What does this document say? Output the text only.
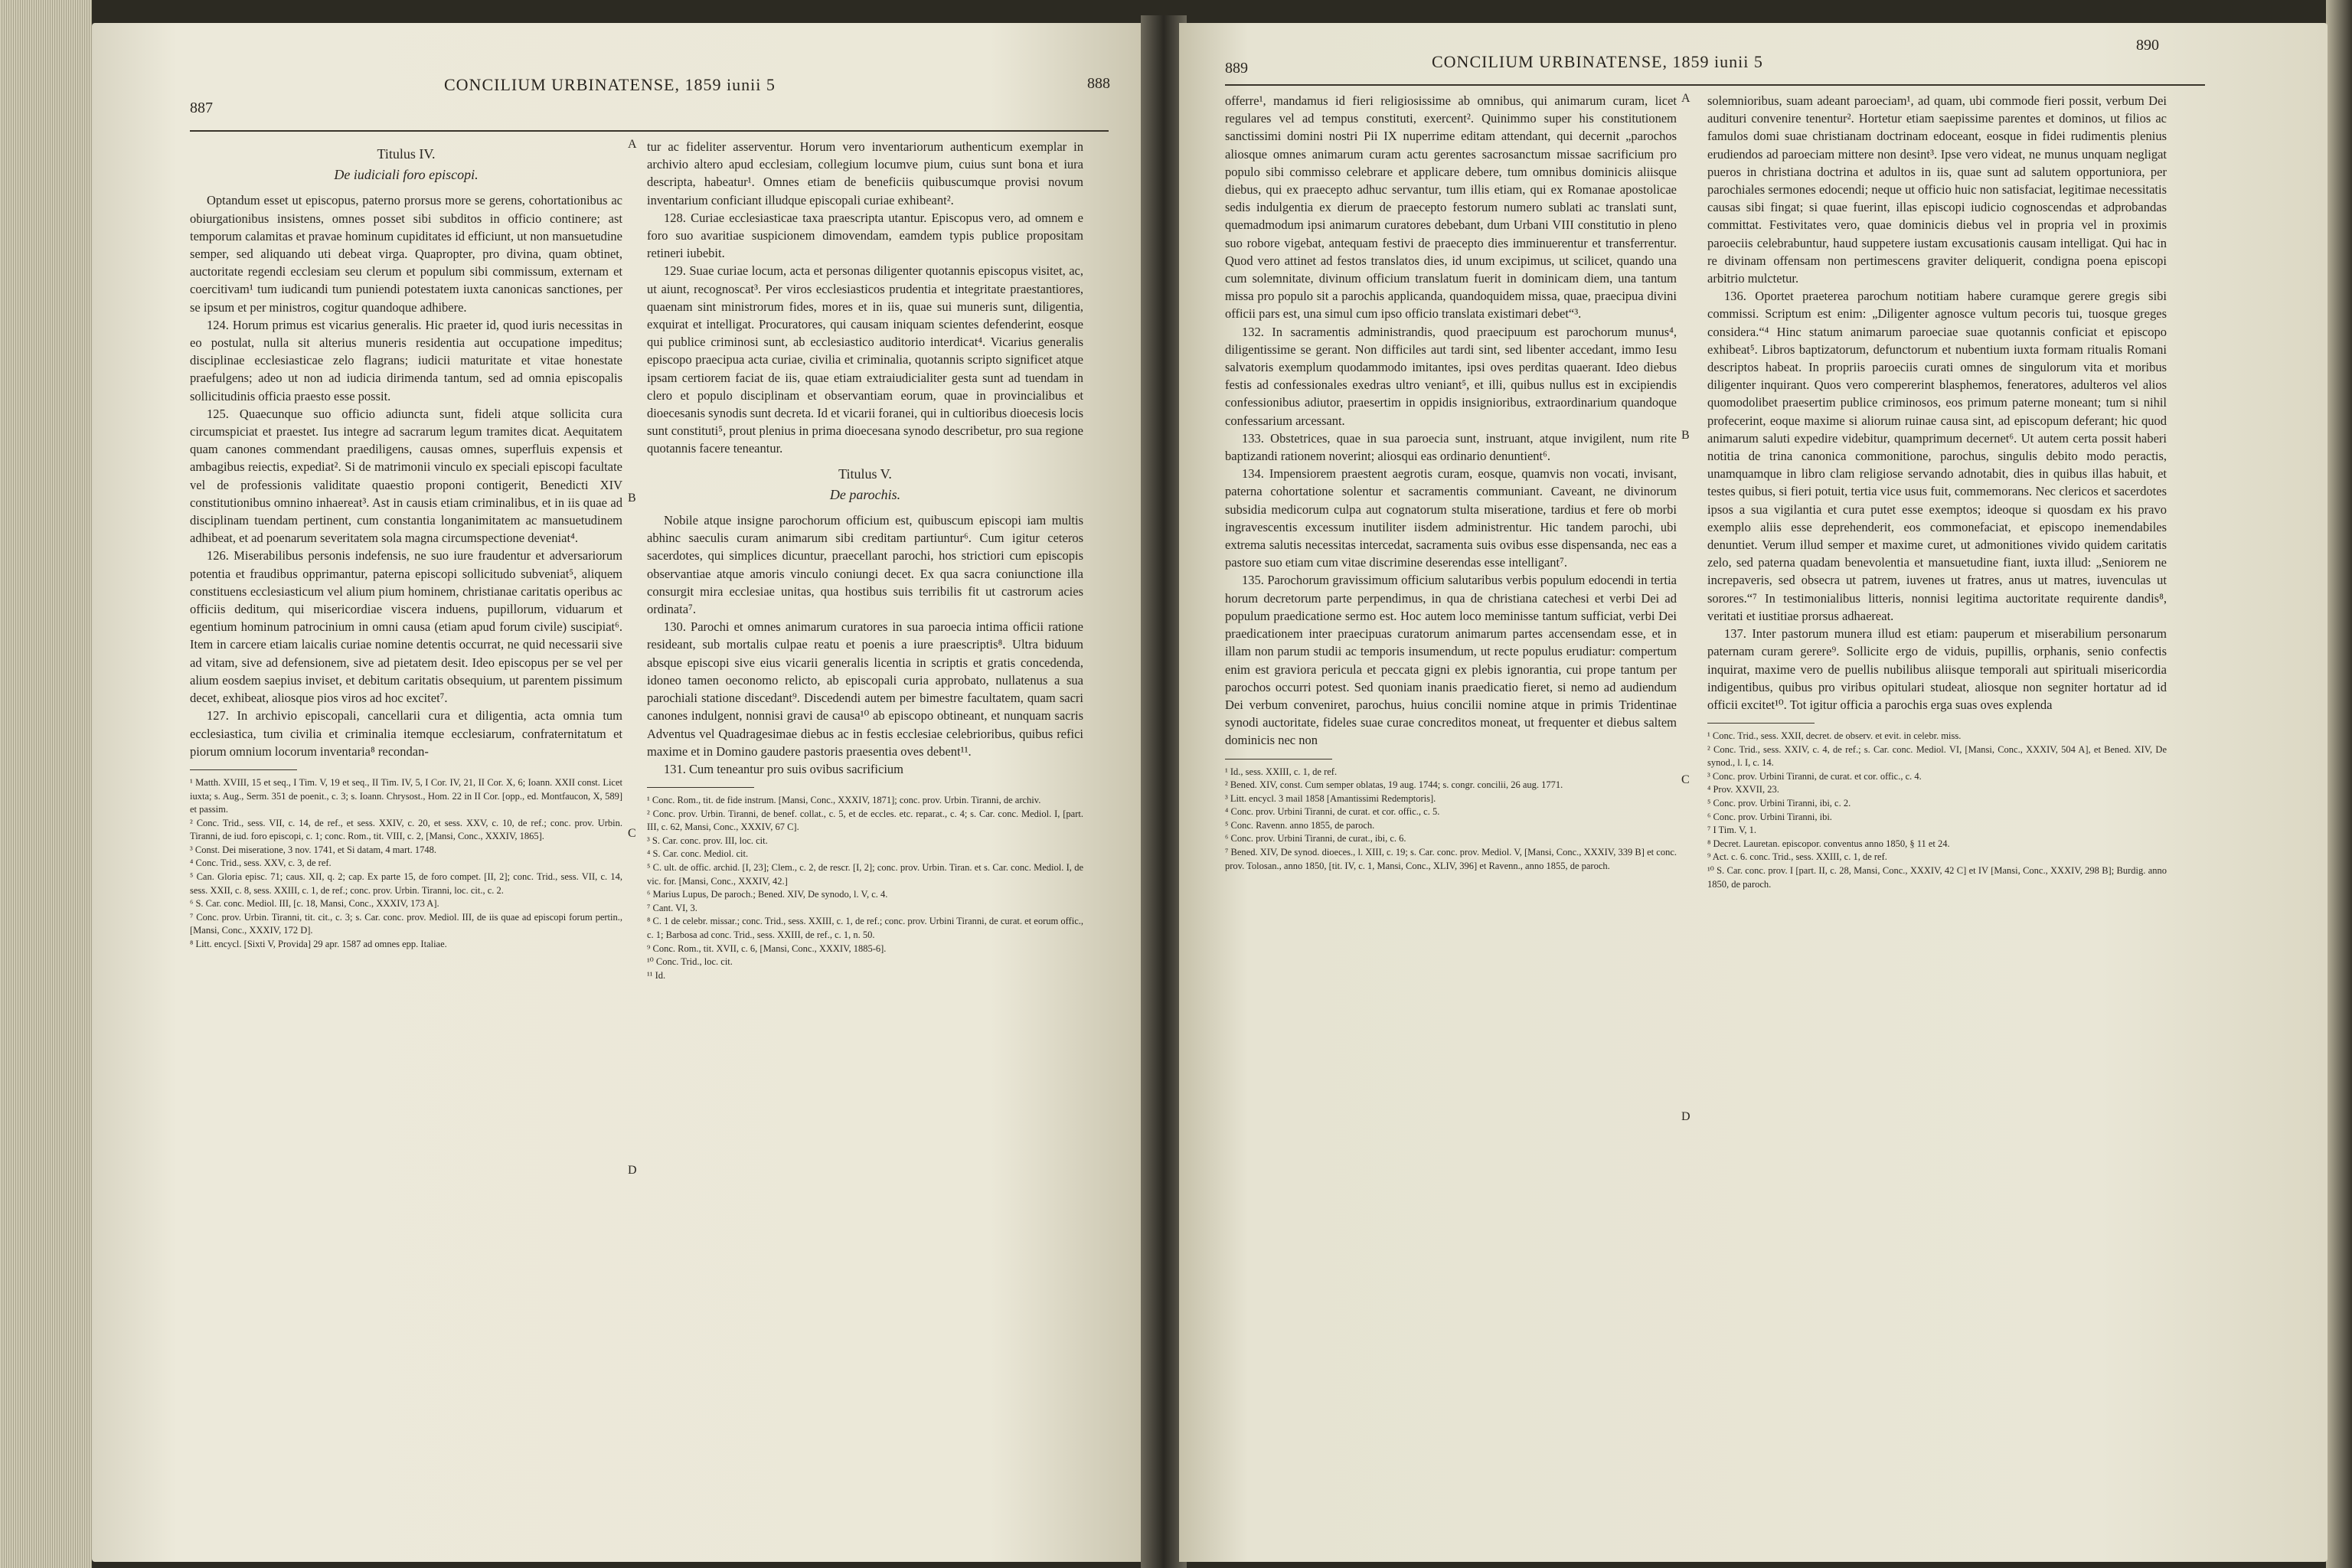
CONCILIUM URBINATENSE, 1859 iunii 5
887
888

Titulus IV.

De iudiciali foro episcopi.

Optandum esset ut episcopus, paterno prorsus more se gerens, cohortationibus ac obiurgationibus insistens, omnes posset sibi subditos in officio continere; ast temporum calamitas et pravae hominum cupiditates id efficiunt, ut non mansuetudine semper, sed aliquando uti debeat virga. Quapropter, pro divina, quam obtinet, auctoritate regendi ecclesiam seu clerum et populum sibi commissum, externam et coercitivam¹ tum iudicandi tum puniendi potestatem iuxta canonicas sanctiones, per se ipsum et per ministros, cogitur quandoque adhibere.

124. Horum primus est vicarius generalis. Hic praeter id, quod iuris necessitas in eo postulat, nulla sit alterius muneris residentia aut occupatione impeditus; disciplinae ecclesiasticae zelo flagrans; iudicii maturitate et vitae honestate praefulgens; adeo ut non ad iudicia dirimenda tantum, sed ad omnia episcopalis sollicitudinis officia praesto esse possit.

125. Quaecunque suo officio adiuncta sunt, fideli atque sollicita cura circumspiciat et praestet. Ius integre ad sacrarum legum tramites dicat. Aequitatem quam canones commendant praediligens, causas omnes, superfluis expensis et ambagibus reiectis, expediat². Si de matrimonii vinculo ex speciali episcopi facultate vel de professionis validitate quaestio proponi contigerit, Benedicti XIV constitutionibus omnino inhaereat³. Ast in causis etiam criminalibus, et in iis quae ad disciplinam tuendam pertinent, cum constantia longanimitatem ac mansuetudinem adhibeat, et ad poenarum severitatem sola magna circumspectione deveniat⁴.

126. Miserabilibus personis indefensis, ne suo iure fraudentur et adversariorum potentia et fraudibus opprimantur, paterna episcopi sollicitudo subveniat⁵, aliquem constituens ecclesiasticum vel alium pium hominem, christianae caritatis operibus ac officiis deditum, qui misericordiae viscera induens, pupillorum, viduarum et egentium hominum patrocinium in omni causa (etiam apud forum civile) suscipiat⁶. Item in carcere etiam laicalis curiae nomine detentis occurrat, ne quid necessarii sive ad vitam, sive ad defensionem, sive ad pietatem desit. Ideo episcopus per se vel per alium eosdem saepius inviset, et debitum caritatis obsequium, ut parentem pissimum decet, exhibeat, aliosque pios viros ad hoc excitet⁷.

127. In archivio episcopali, cancellarii cura et diligentia, acta omnia tum ecclesiastica, tum civilia et criminalia itemque ecclesiarum, confraternitatum et piorum omnium locorum inventaria⁸ recondan-

¹ Matth. XVIII, 15 et seq., I Tim. V, 19 et seq., II Tim. IV, 5, I Cor. IV, 21, II Cor. X, 6; Ioann. XXII const. Licet iuxta; s. Aug., Serm. 351 de poenit., c. 3; s. Ioann. Chrysost., Hom. 22 in II Cor. [opp., ed. Montfaucon, X, 589] et passim.

² Conc. Trid., sess. VII, c. 14, de ref., et sess. XXIV, c. 20, et sess. XXV, c. 10, de ref.; conc. prov. Urbin. Tiranni, de iud. foro episcopi, c. 1; conc. Rom., tit. VIII, c. 2, [Mansi, Conc., XXXIV, 1865].

³ Const. Dei miseratione, 3 nov. 1741, et Si datam, 4 mart. 1748.

⁴ Conc. Trid., sess. XXV, c. 3, de ref.

⁵ Can. Gloria episc. 71; caus. XII, q. 2; cap. Ex parte 15, de foro compet. [II, 2]; conc. Trid., sess. VII, c. 14, sess. XXII, c. 8, sess. XXIII, c. 1, de ref.; conc. prov. Urbin. Tiranni, loc. cit., c. 2.

⁶ S. Car. conc. Mediol. III, [c. 18, Mansi, Conc., XXXIV, 173 A].

⁷ Conc. prov. Urbin. Tiranni, tit. cit., c. 3; s. Car. conc. prov. Mediol. III, de iis quae ad episcopi forum pertin., [Mansi, Conc., XXXIV, 172 D].

⁸ Litt. encycl. [Sixti V, Provida] 29 apr. 1587 ad omnes epp. Italiae.

A
B
C
D

tur ac fideliter asserventur. Horum vero inventariorum authenticum exemplar in archivio altero apud ecclesiam, collegium locumve pium, cuius sunt bona et iura descripta, habeatur¹. Omnes etiam de beneficiis quibuscumque provisi novum inventarium conficiant illudque episcopali curiae exhibeant².

128. Curiae ecclesiasticae taxa praescripta utantur. Episcopus vero, ad omnem e foro suo avaritiae suspicionem dimovendam, eamdem typis publice propositam retineri iubebit.

129. Suae curiae locum, acta et personas diligenter quotannis episcopus visitet, ac, ut aiunt, recognoscat³. Per viros ecclesiasticos prudentia et integritate praestantiores, quaenam sint ministrorum fides, mores et in iis, quae sui muneris sunt, diligentia, exquirat et intelligat. Procuratores, qui causam iniquam scientes defenderint, eosque qui publice criminosi sunt, ab ecclesiastico auditorio interdicat⁴. Vicarius generalis episcopo praecipua acta curiae, civilia et criminalia, quotannis scripto significet atque ipsam certiorem faciat de iis, quae etiam extraiudicialiter gesta sunt ad tuendam in clero et populo disciplinam et observantiam eorum, quae in provincialibus et dioecesanis synodis sunt decreta. Id et vicarii foranei, qui in cultioribus dioecesis locis sunt constituti⁵, prout plenius in prima dioecesana synodo describetur, pro sua regione quotannis facere teneantur.

Titulus V.

De parochis.

Nobile atque insigne parochorum officium est, quibuscum episcopi iam multis abhinc saeculis curam animarum sibi creditam partiuntur⁶. Cum igitur ceteros sacerdotes, qui simplices dicuntur, praecellant parochi, hos strictiori cum episcopis observantiae atque amoris vinculo coniungi decet. Ex qua sacra coniunctione illa consurgit mira ecclesiae unitas, qua hostibus suis terribilis fit ut castrorum acies ordinata⁷.

130. Parochi et omnes animarum curatores in sua paroecia intima officii ratione resideant, sub mortalis culpae reatu et poenis a iure praescriptis⁸. Ultra biduum absque episcopi sive eius vicarii generalis licentia in scriptis et gratis concedenda, idoneo tamen oeconomo relicto, ab episcopali curia approbato, nullatenus a sua parochiali statione discedant⁹. Discedendi autem per bimestre facultatem, quam sacri canones indulgent, nonnisi gravi de causa¹⁰ ab episcopo obtineant, et nunquam sacris Adventus vel Quadragesimae diebus ac in festis ecclesiae celebrioribus, quibus refici maxime et in Domino gaudere pastoris praesentia oves debent¹¹.

131. Cum teneantur pro suis ovibus sacrificium

¹ Conc. Rom., tit. de fide instrum. [Mansi, Conc., XXXIV, 1871]; conc. prov. Urbin. Tiranni, de archiv.

² Conc. prov. Urbin. Tiranni, de benef. collat., c. 5, et de eccles. etc. reparat., c. 4; s. Car. conc. Mediol. I, [part. III, c. 62, Mansi, Conc., XXXIV, 67 C].

³ S. Car. conc. prov. III, loc. cit.

⁴ S. Car. conc. Mediol. cit.

⁵ C. ult. de offic. archid. [I, 23]; Clem., c. 2, de rescr. [I, 2]; conc. prov. Urbin. Tiran. et s. Car. conc. Mediol. I, de vic. for. [Mansi, Conc., XXXIV, 42.]

⁶ Marius Lupus, De paroch.; Bened. XIV, De synodo, l. V, c. 4.

⁷ Cant. VI, 3.

⁸ C. 1 de celebr. missar.; conc. Trid., sess. XXIII, c. 1, de ref.; conc. prov. Urbini Tiranni, de curat. et eorum offic., c. 1; Barbosa ad conc. Trid., sess. XXIII, de ref., c. 1, n. 50.

⁹ Conc. Rom., tit. XVII, c. 6, [Mansi, Conc., XXXIV, 1885-6].

¹⁰ Conc. Trid., loc. cit.

¹¹ Id.

889	CONCILIUM URBINATENSE, 1859 iunii 5
890

offerre¹, mandamus id fieri religiosissime ab omnibus, qui animarum curam, licet regulares vel ad tempus constituti, exercent². Quinimmo super his constitutionem sanctissimi domini nostri Pii IX nuperrime editam attendant, qui decernit „parochos aliosque omnes animarum curam actu gerentes sacrosanctum missae sacrificium pro populo sibi commisso celebrare et applicare debere, tum omnibus dominicis aliisque diebus, qui ex praecepto adhuc servantur, tum illis etiam, qui ex Romanae apostolicae sedis indulgentia ex dierum de praecepto festorum numero sublati ac translati sunt, quemadmodum ipsi animarum curatores debebant, dum Urbani VIII constitutio in pleno suo robore vigebat, antequam festivi de praecepto dies imminuerentur et transferrentur. Quod vero attinet ad festos translatos dies, id unum excipimus, ut scilicet, quando una cum solemnitate, divinum officium translatum fuerit in dominicam diem, una tantum missa pro populo sit a parochis applicanda, quandoquidem missa, quae, praecipua divini officii pars est, una simul cum ipso officio translata existimari debet“³.

132. In sacramentis administrandis, quod praecipuum est parochorum munus⁴, diligentissime se gerant. Non difficiles aut tardi sint, sed libenter accedant, immo Iesu salvatoris exemplum quodammodo imitantes, ipsi oves perditas quaerant. Ideo diebus festis ad confessionales exedras ultro veniant⁵, et illi, quibus nullus est in excipiendis confessionibus adiutor, praesertim in oppidis insignioribus, extraordinarium quandoque confessarium arcessant.

133. Obstetrices, quae in sua paroecia sunt, instruant, atque invigilent, num rite baptizandi rationem noverint; aliosqui eas ordinario denuntient⁶.

134. Impensiorem praestent aegrotis curam, eosque, quamvis non vocati, invisant, paterna cohortatione solentur et sacramentis communiant. Caveant, ne divinorum subsidia medicorum culpa aut cognatorum stulta miseratione, tardius et fere ob morbi ingravescentis excessum inutiliter iisdem administrentur. Hic tandem parochi, ubi extrema salutis necessitas intercedat, sacramenta suis ovibus esse dispensanda, nec eas a pastore suo etiam cum vitae discrimine deserendas esse intelligant⁷.

135. Parochorum gravissimum officium salutaribus verbis populum edocendi in tertia horum decretorum parte perpendimus, in qua de christiana catechesi et verbi Dei ad populum praedicatione sermo est. Hoc autem loco meminisse tantum sufficiat, verbi Dei praedicationem inter praecipuas curatorum animarum partes accensendam esse, et in illam non parum studii ac temporis insumendum, ut recte populus erudiatur: compertum enim est graviora pericula et peccata gigni ex plebis ignorantia, cui prope tantum per parochos occurri potest. Sed quoniam inanis praedicatio fieret, si nemo ad audiendum Dei verbum conveniret, parochus, huius concilii nomine atque in primis Tridentinae synodi auctoritate, fideles suae curae concreditos moneat, ut frequenter et diebus saltem dominicis nec non

¹ Id., sess. XXIII, c. 1, de ref.

² Bened. XIV, const. Cum semper oblatas, 19 aug. 1744; s. congr. concilii, 26 aug. 1771.

³ Litt. encycl. 3 mail 1858 [Amantissimi Redemptoris].

⁴ Conc. prov. Urbini Tiranni, de curat. et cor. offic., c. 5.

⁵ Conc. Ravenn. anno 1855, de paroch.

⁶ Conc. prov. Urbini Tiranni, de curat., ibi, c. 6.

⁷ Bened. XIV, De synod. dioeces., l. XIII, c. 19; s. Car. conc. prov. Mediol. V, [Mansi, Conc., XXXIV, 339 B] et conc. prov. Tolosan., anno 1850, [tit. IV, c. 1, Mansi, Conc., XLIV, 396] et Ravenn., anno 1855, de paroch.

A
B
C
D

solemnioribus, suam adeant paroeciam¹, ad quam, ubi commode fieri possit, verbum Dei audituri convenire tenentur². Hortetur etiam saepissime parentes et dominos, ut filios ac famulos domi suae christianam doctrinam edoceant, eosque in fidei rudimentis plenius erudiendos ad paroeciam mittere non desint³. Ipse vero videat, ne munus unquam negligat pueros in christiana doctrina et adultos in iis, quae sunt ad salutem opportuniora, per parochiales sermones edocendi; neque ut officio huic non satisfaciat, legitimae necessitatis causas sibi fingat; si quae fuerint, illas episcopi iudicio cognoscendas et adprobandas committat. Festivitates vero, quae dominicis diebus vel in propria vel in proximis paroeciis celebrabuntur, haud suppetere iustam excusationis causam intelligat. Qui hac in re divinam offensam non pertimescens graviter deliquerit, condigna poena episcopi arbitrio mulctetur.

136. Oportet praeterea parochum notitiam habere curamque gerere gregis sibi commissi. Scriptum est enim: „Diligenter agnosce vultum pecoris tui, tuosque greges considera.“⁴ Hinc statum animarum paroeciae suae quotannis conficiat et episcopo exhibeat⁵. Libros baptizatorum, defunctorum et nubentium iuxta formam ritualis Romani descriptos habeat. In propriis paroeciis curati omnes de singulorum vita et moribus diligenter inquirant. Quos vero compererint blasphemos, feneratores, adulteros vel alios quomodolibet praesertim publice criminosos, eos primum paterne moneant; tum si nihil profecerint, eoque maxime si aliorum ruinae causa sint, ad episcopum deferant; hic quod animarum saluti expedire videbitur, quamprimum decernet⁶. Ut autem certa possit haberi notitia de trina canonica commonitione, parochus, singulis debito modo peractis, unamquamque in libro clam religiose servando adnotabit, dies in quibus illas habuit, et testes quibus, si fieri potuit, tertia vice usus fuit, commemorans. Nec clericos et sacerdotes ipsos a sua vigilantia et cura putet esse exemptos; ideoque si quosdam ex his pravo exemplo aliis esse deprehenderit, eos commonefaciat, et episcopo inemendabiles denuntiet. Verum illud semper et maxime curet, ut admonitiones vivido quidem caritatis zelo, sed paterna quadam benevolentia et mansuetudine fiant, iuxta illud: „Seniorem ne increpaveris, sed obsecra ut patrem, iuvenes ut fratres, anus ut matres, iuvenculas ut sorores.“⁷ In testimonialibus litteris, nonnisi legitima auctoritate requirente dandis⁸, veritati et iustitiae prorsus adhaereat.

137. Inter pastorum munera illud est etiam: pauperum et miserabilium personarum paternam curam gerere⁹. Sollicite ergo de viduis, pupillis, orphanis, senio confectis inquirat, maxime vero de puellis nubilibus aliisque temporali aut spirituali misericordia indigentibus, quibus pro viribus opitulari studeat, aliosque non segniter hortatur ad id officii excitet¹⁰. Tot igitur officia a parochis erga suas oves explenda

¹ Conc. Trid., sess. XXII, decret. de observ. et evit. in celebr. miss.

² Conc. Trid., sess. XXIV, c. 4, de ref.; s. Car. conc. Mediol. VI, [Mansi, Conc., XXXIV, 504 A], et Bened. XIV, De synod., l. I, c. 14.

³ Conc. prov. Urbini Tiranni, de curat. et cor. offic., c. 4.

⁴ Prov. XXVII, 23.

⁵ Conc. prov. Urbini Tiranni, ibi, c. 2.

⁶ Conc. prov. Urbini Tiranni, ibi.

⁷ I Tim. V, 1.

⁸ Decret. Lauretan. episcopor. conventus anno 1850, § 11 et 24.

⁹ Act. c. 6. conc. Trid., sess. XXIII, c. 1, de ref.

¹⁰ S. Car. conc. prov. I [part. II, c. 28, Mansi, Conc., XXXIV, 42 C] et IV [Mansi, Conc., XXXIV, 298 B]; Burdig. anno 1850, de paroch.
